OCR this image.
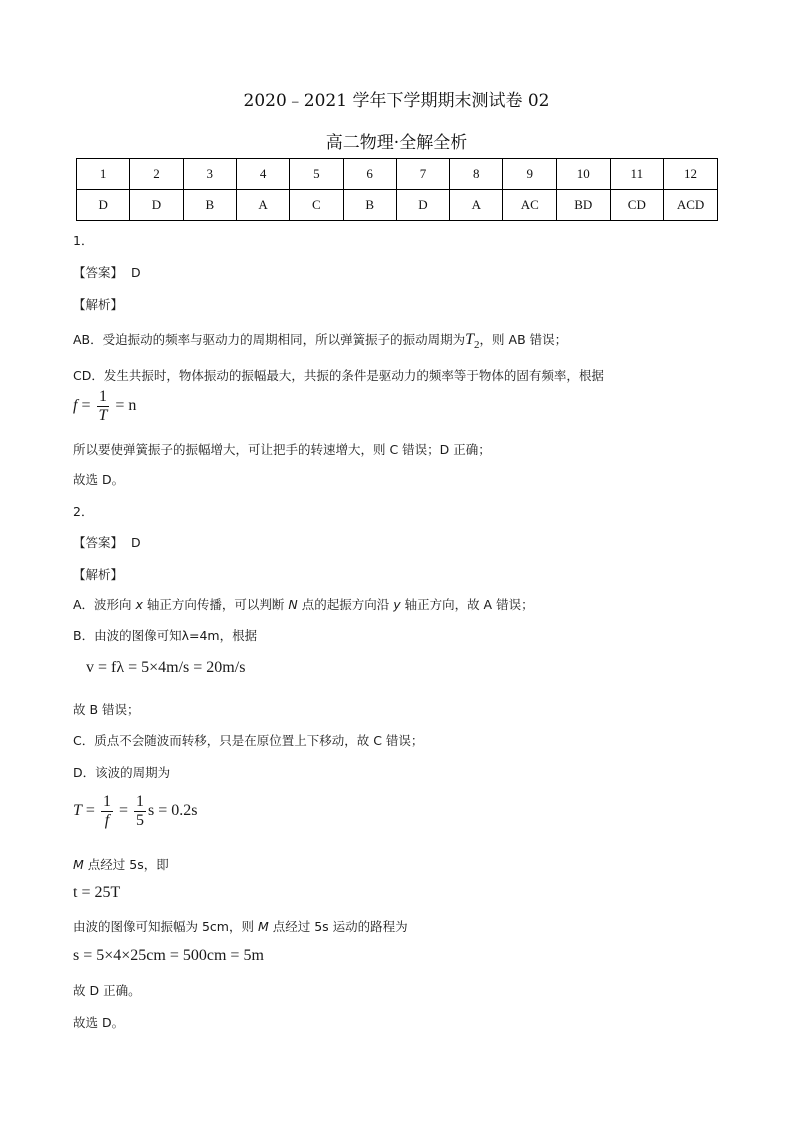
2020﹣2021 学年下学期期末测试卷 02
高二物理·全解全析
1	2	3	4	5	6	7	8	9	10	11	12
D	D	B	A	C	B	D	A	AC	BD	CD	ACD
1．
【答案】 D
【解析】
AB．受迫振动的频率与驱动力的周期相同，所以弹簧振子的振动周期为$T_2$，则 AB 错误；
CD．发生共振时，物体振动的振幅最大，共振的条件是驱动力的频率等于物体的固有频率，根据
$f = \frac{1}{T} = n$
所以要使弹簧振子的振幅增大，可让把手的转速增大，则 C 错误；D 正确；
故选 D。
2．
【答案】 D
【解析】
A．波形向 x 轴正方向传播，可以判断 N 点的起振方向沿 y 轴正方向，故 A 错误；
B．由波的图像可知λ=4m，根据
v = fλ = 5×4m/s = 20m/s
故 B 错误；
C．质点不会随波而转移，只是在原位置上下移动，故 C 错误；
D．该波的周期为
$T = \frac{1}{f} = \frac{1}{5}$ s = 0.2s
M 点经过 5s，即
t = 25T
由波的图像可知振幅为 5cm，则 M 点经过 5s 运动的路程为
s = 5×4×25cm = 500cm = 5m
故 D 正确。
故选 D。
